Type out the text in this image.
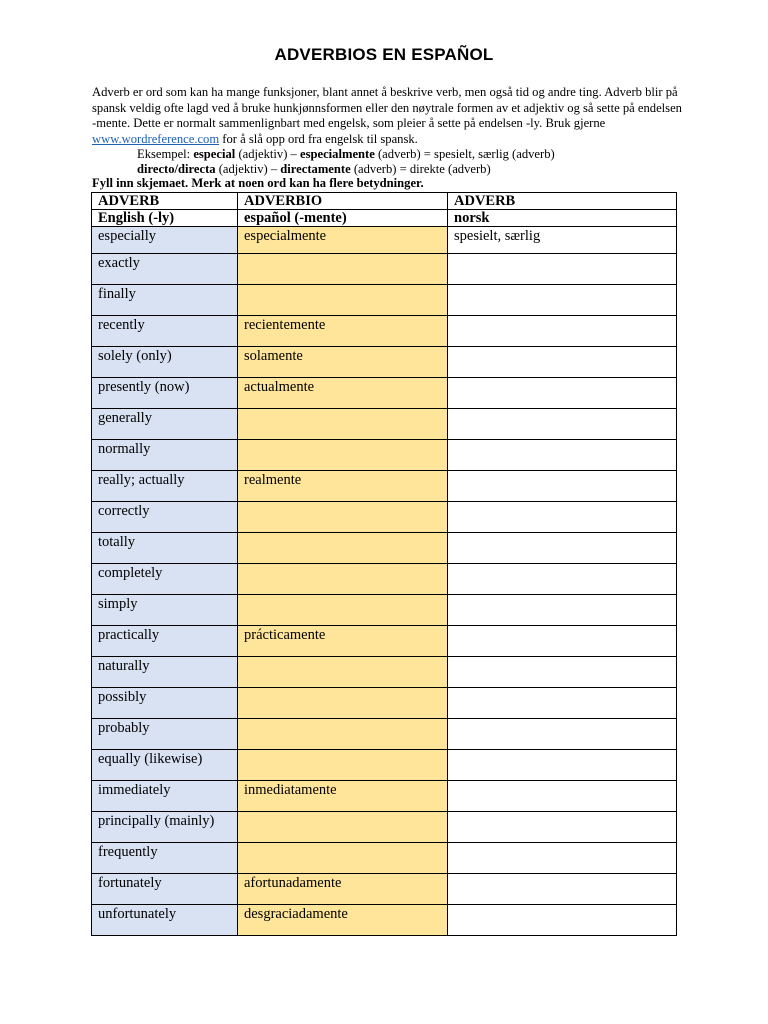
ADVERBIOS EN ESPAÑOL
Adverb er ord som kan ha mange funksjoner, blant annet å beskrive verb, men også tid og andre ting. Adverb blir på spansk veldig ofte lagd ved å bruke hunkjønnsformen eller den nøytrale formen av et adjektiv og så sette på endelsen -mente. Dette er normalt sammenlignbart med engelsk, som pleier å sette på endelsen -ly. Bruk gjerne www.wordreference.com for å slå opp ord fra engelsk til spansk.
Eksempel: especial (adjektiv) – especialmente (adverb) = spesielt, særlig (adverb)
directo/directa (adjektiv) – directamente (adverb) = direkte (adverb)
Fyll inn skjemaet. Merk at noen ord kan ha flere betydninger.
ADVERB	ADVERBIO	ADVERB
English (-ly)	español (-mente)	norsk
especially	especialmente	spesielt, særlig
exactly		
finally		
recently	recientemente	
solely (only)	solamente	
presently (now)	actualmente	
generally		
normally		
really; actually	realmente	
correctly		
totally		
completely		
simply		
practically	prácticamente	
naturally		
possibly		
probably		
equally (likewise)		
immediately	inmediatamente	
principally (mainly)		
frequently		
fortunately	afortunadamente	
unfortunately	desgraciadamente	
